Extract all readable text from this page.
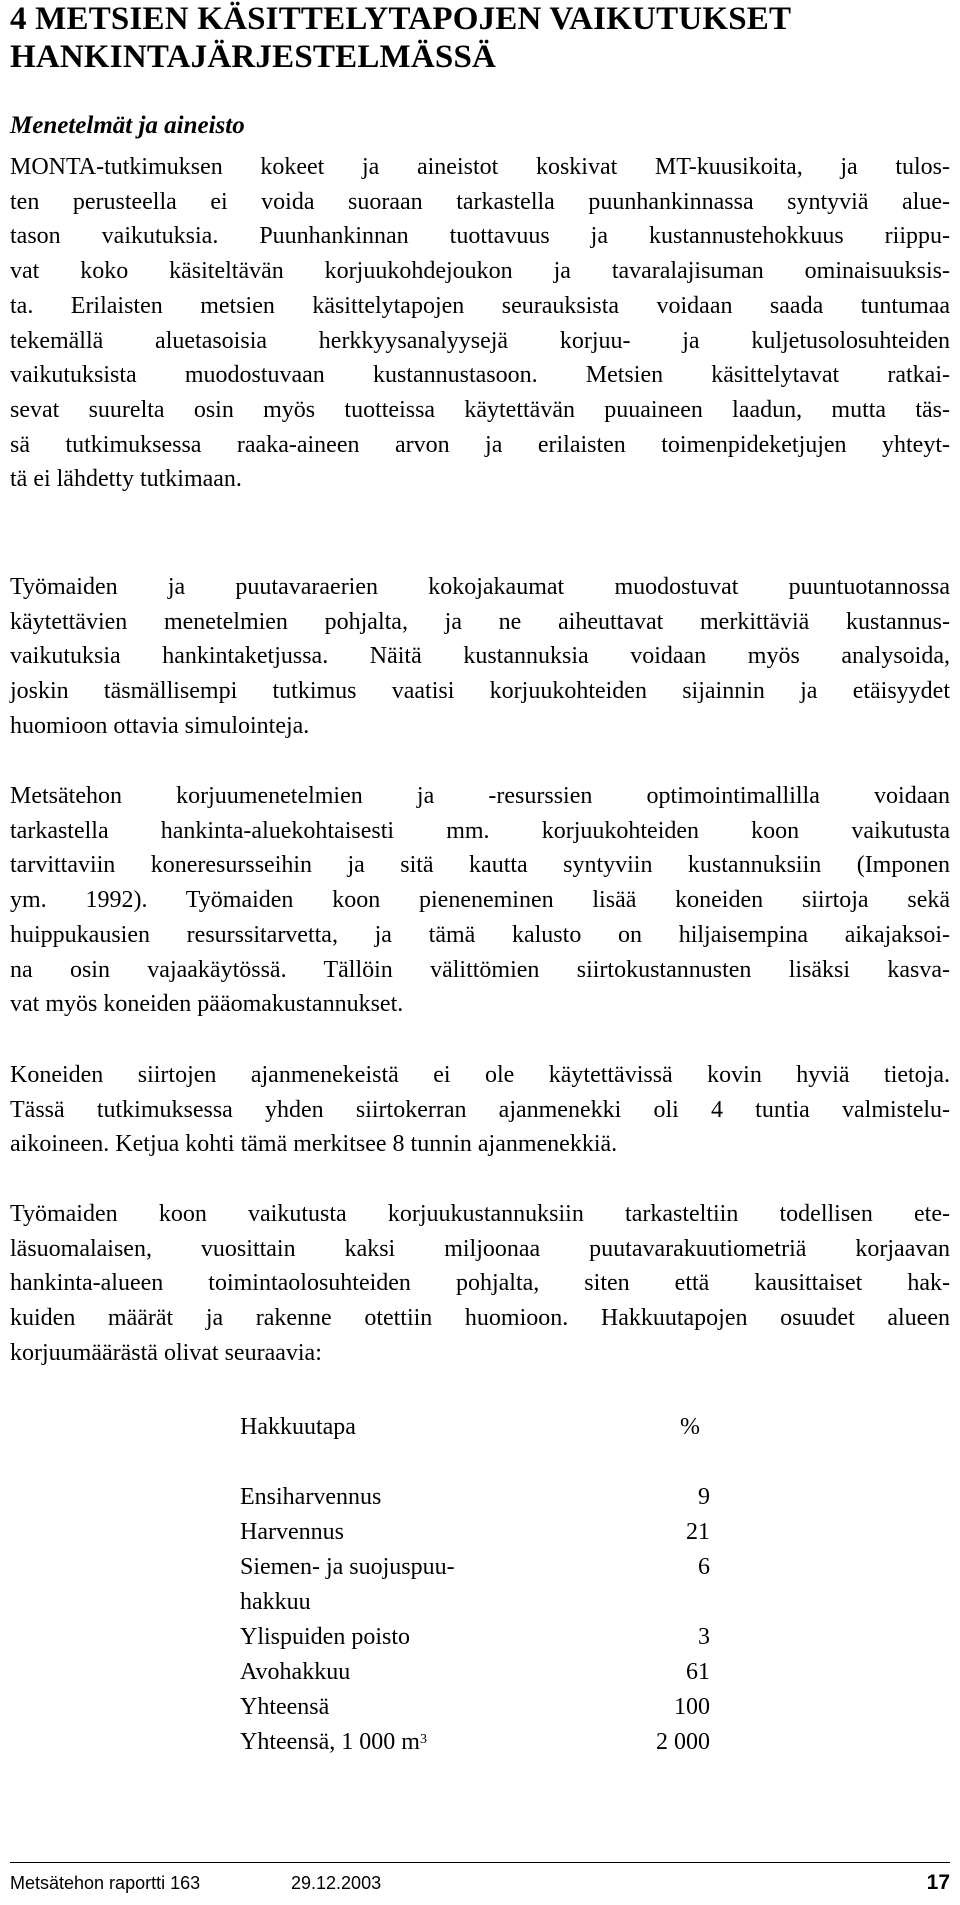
4 METSIEN KÄSITTELYTAPOJEN VAIKUTUKSET
HANKINTAJÄRJESTELMÄSSÄ
Menetelmät ja aineisto
MONTA-tutkimuksen kokeet ja aineistot koskivat MT-kuusikoita, ja tulos-
ten perusteella ei voida suoraan tarkastella puunhankinnassa syntyviä alue-
tason vaikutuksia. Puunhankinnan tuottavuus ja kustannustehokkuus riippu-
vat koko käsiteltävän korjuukohdejoukon ja tavaralajisuman ominaisuuksis-
ta. Erilaisten metsien käsittelytapojen seurauksista voidaan saada tuntumaa
tekemällä aluetasoisia herkkyysanalyysejä korjuu- ja kuljetusolosuhteiden
vaikutuksista muodostuvaan kustannustasoon. Metsien käsittelytavat ratkai-
sevat suurelta osin myös tuotteissa käytettävän puuaineen laadun, mutta täs-
sä tutkimuksessa raaka-aineen arvon ja erilaisten toimenpideketjujen yhteyt-
tä ei lähdetty tutkimaan.
Työmaiden ja puutavaraerien kokojakaumat muodostuvat puuntuotannossa
käytettävien menetelmien pohjalta, ja ne aiheuttavat merkittäviä kustannus-
vaikutuksia hankintaketjussa. Näitä kustannuksia voidaan myös analysoida,
joskin täsmällisempi tutkimus vaatisi korjuukohteiden sijainnin ja etäisyydet
huomioon ottavia simulointeja.
Metsätehon korjuumenetelmien ja -resurssien optimointimallilla voidaan
tarkastella hankinta-aluekohtaisesti mm. korjuukohteiden koon vaikutusta
tarvittaviin koneresursseihin ja sitä kautta syntyviin kustannuksiin (Imponen
ym. 1992). Työmaiden koon pieneneminen lisää koneiden siirtoja sekä
huippukausien resurssitarvetta, ja tämä kalusto on hiljaisempina aikajaksoi-
na osin vajaakäytössä. Tällöin välittömien siirtokustannusten lisäksi kasva-
vat myös koneiden pääomakustannukset.
Koneiden siirtojen ajanmenekeistä ei ole käytettävissä kovin hyviä tietoja.
Tässä tutkimuksessa yhden siirtokerran ajanmenekki oli 4 tuntia valmistelu-
aikoineen. Ketjua kohti tämä merkitsee 8 tunnin ajanmenekkiä.
Työmaiden koon vaikutusta korjuukustannuksiin tarkasteltiin todellisen ete-
läsuomalaisen, vuosittain kaksi miljoonaa puutavarakuutiometriä korjaavan
hankinta-alueen toimintaolosuhteiden pohjalta, siten että kausittaiset hak-
kuiden määrät ja rakenne otettiin huomioon. Hakkuutapojen osuudet alueen
korjuumäärästä olivat seuraavia:
Hakkuutapa	%
Ensiharvennus	9
Harvennus	21
Siemen- ja suojuspuu-	6
hakkuu
Ylispuiden poisto	3
Avohakkuu	61
Yhteensä	100
Yhteensä, 1 000 $m^3$	2 000
Metsätehon raportti 163	29.12.2003	17
